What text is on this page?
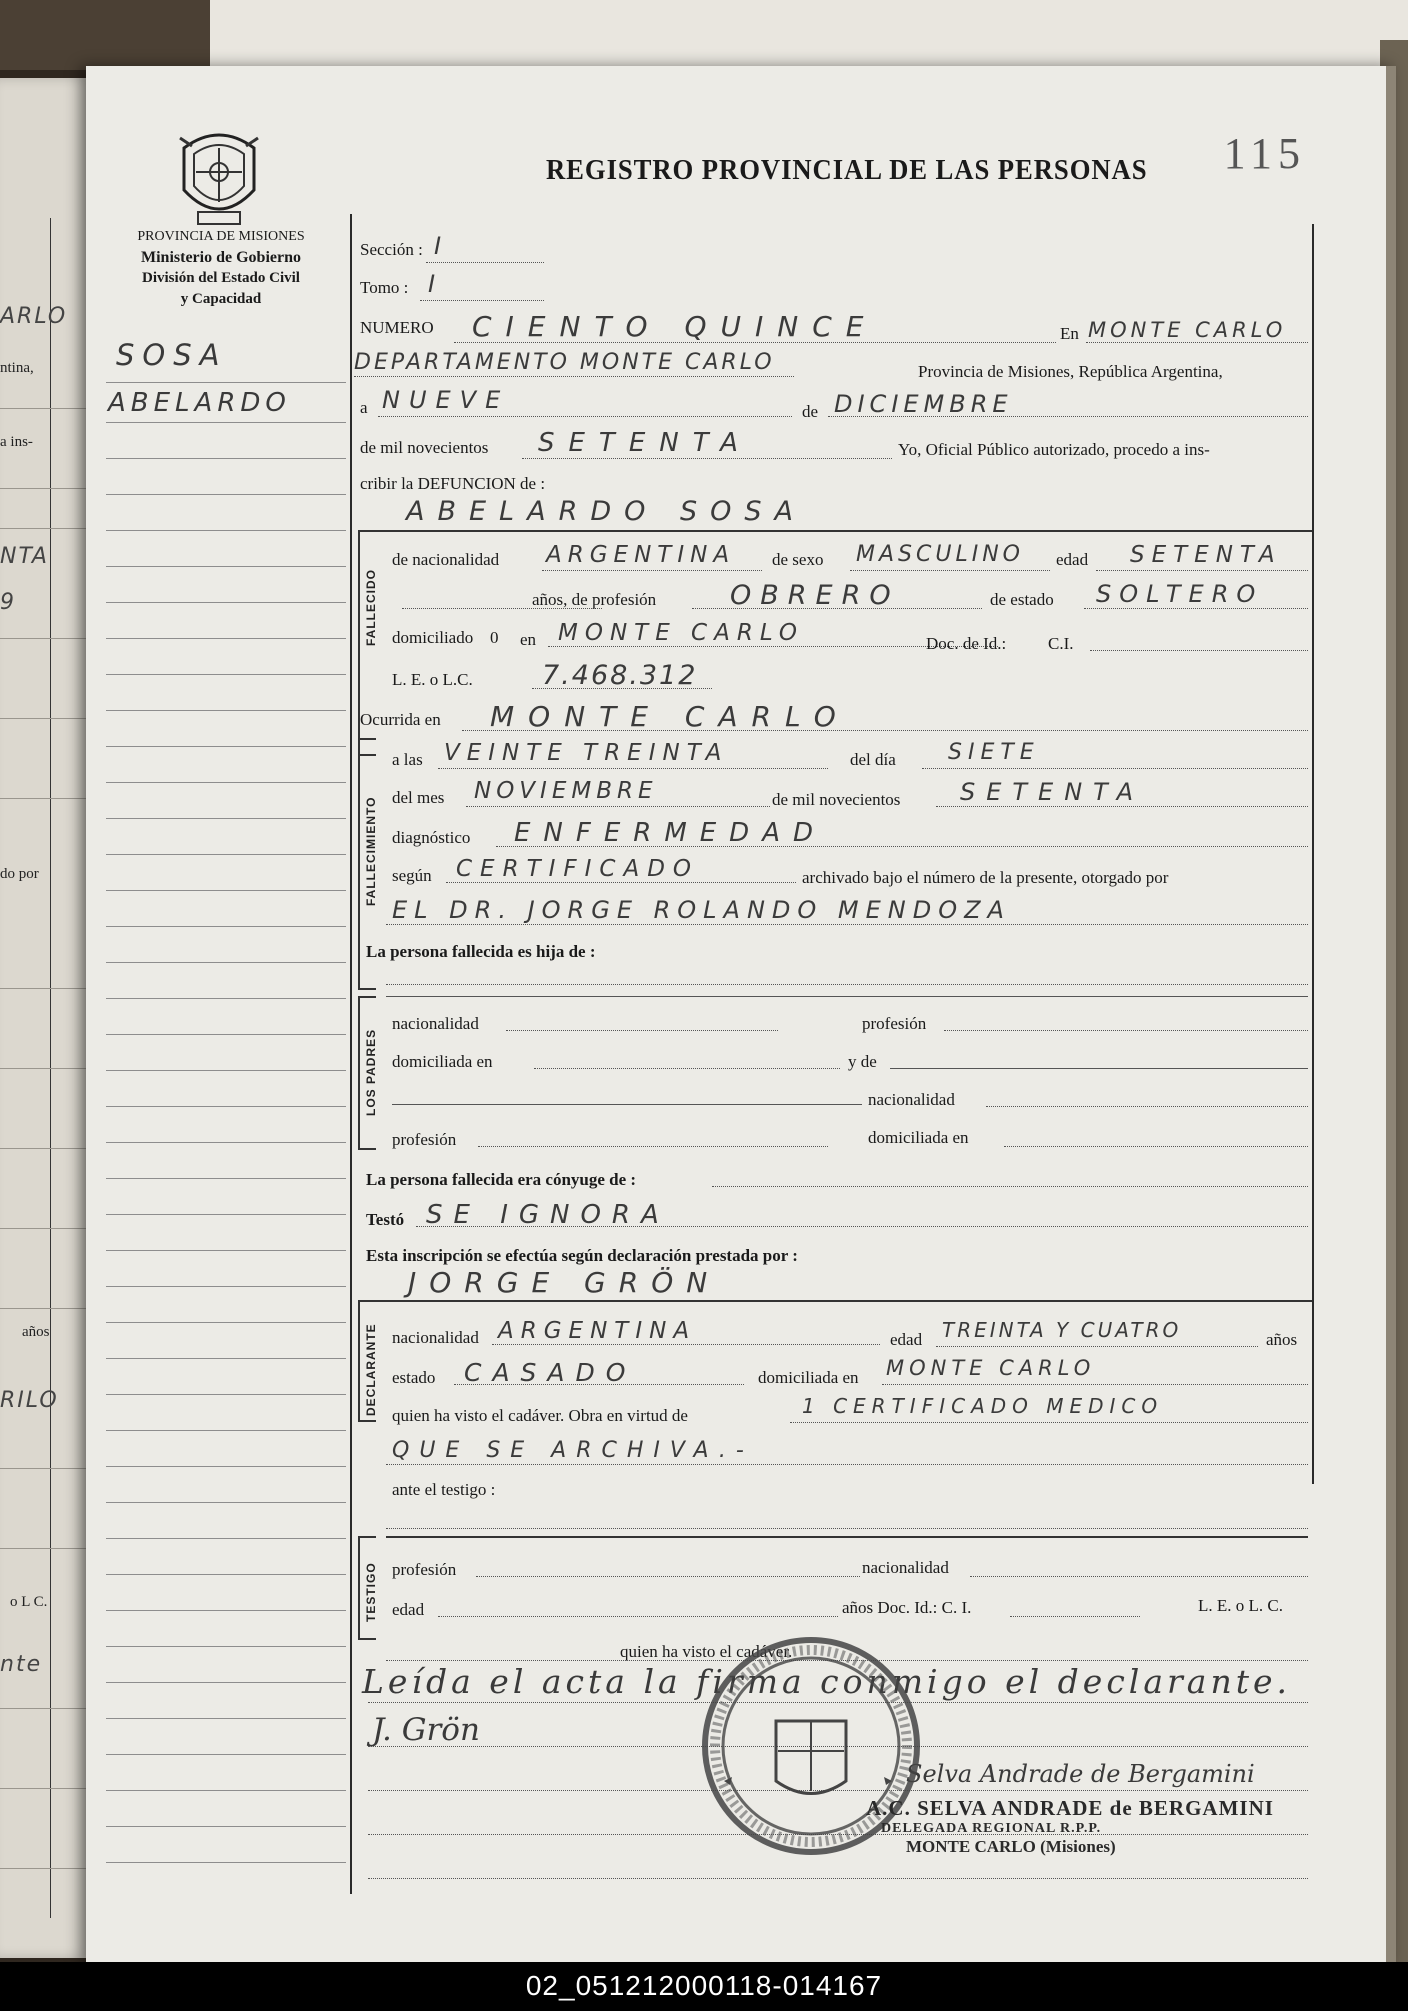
ARLO
ntina,
a ins-
NTA
9
do por
años
RILO
o L C.
nte
115
PROVINCIA DE MISIONES
Ministerio de Gobierno
División del Estado Civil
y Capacidad
REGISTRO PROVINCIAL DE LAS PERSONAS
SOSA
ABELARDO
Sección : I
Tomo : I
NUMERO CIENTO QUINCE	En MONTE CARLO
DEPARTAMENTO MONTE CARLO	Provincia de Misiones, República Argentina,
a NUEVE	de DICIEMBRE
de mil novecientos SETENTA	Yo, Oficial Público autorizado, procedo a ins-
cribir la DEFUNCION de :
ABELARDO SOSA
FALLECIDO
de nacionalidad ARGENTINA de sexo MASCULINO edad SETENTA
años, de profesión	OBRERO	de estado SOLTERO
domiciliado 0 en MONTE CARLO	Doc. de Id.: C.I.
L. E. o L.C.	7.468.312
Ocurrida en MONTE CARLO
FALLECIMIENTO
a las VEINTE TREINTA	del día SIETE
del mes NOVIEMBRE	de mil novecientos SETENTA
diagnóstico ENFERMEDAD
según CERTIFICADO	archivado bajo el número de la presente, otorgado por
EL DR. JORGE ROLANDO MENDOZA
La persona fallecida es hija de :
LOS PADRES
nacionalidad	profesión
domiciliada en	y de
nacionalidad
profesión	domiciliada en
La persona fallecida era cónyuge de :
Testó SE IGNORA
Esta inscripción se efectúa según declaración prestada por :
JORGE GRÖN
DECLARANTE nacionalidad ARGENTINA	edad TREINTA Y CUATRO	años
estado CASADO	domiciliada en MONTE CARLO
quien ha visto el cadáver. Obra en virtud de	1 CERTIFICADO MEDICO
QUE SE ARCHIVA.-
ante el testigo :
TESTIGO profesión	nacionalidad
edad	años Doc. Id.: C. I.	L. E. o L. C.
quien ha visto el cadáver.
Leída el acta la firma conmigo el declarante.
J. Grön
Selva Andrade de Bergamini
A.C. SELVA ANDRADE de BERGAMINI
DELEGADA REGIONAL R.P.P.
MONTE CARLO (Misiones)
02_051212000118-014167
